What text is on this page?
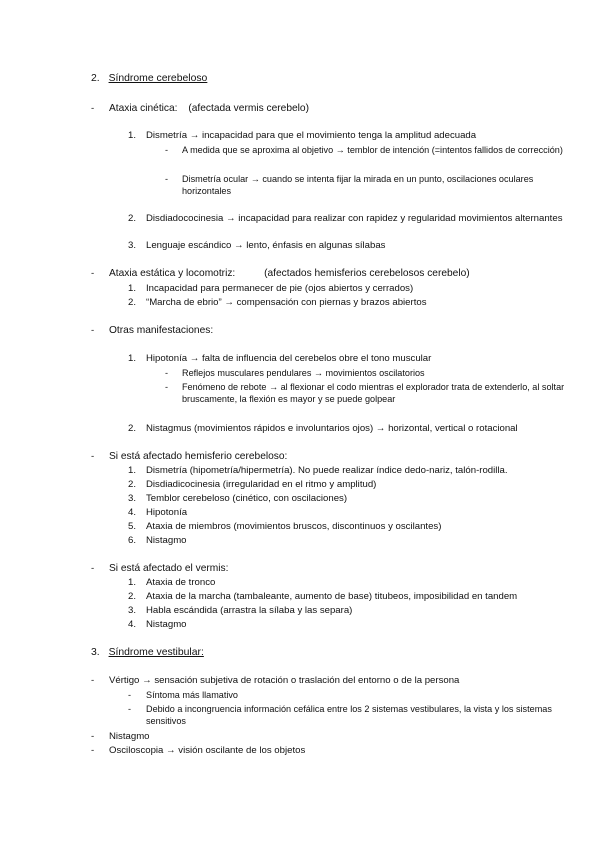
2. Síndrome cerebeloso
- Ataxia cinética: (afectada vermis cerebelo)
1. Dismetría → incapacidad para que el movimiento tenga la amplitud adecuada
- A medida que se aproxima al objetivo → temblor de intención (=intentos fallidos de corrección)
- Dismetría ocular → cuando se intenta fijar la mirada en un punto, oscilaciones oculares horizontales
2. Disdiadococinesia → incapacidad para realizar con rapidez y regularidad movimientos alternantes
3. Lenguaje escándico → lento, énfasis en algunas sílabas
- Ataxia estática y locomotriz:	(afectados hemisferios cerebelosos cerebelo)
1. Incapacidad para permanecer de pie (ojos abiertos y cerrados)
2. “Marcha de ebrio” → compensación con piernas y brazos abiertos
- Otras manifestaciones:
1. Hipotonía → falta de influencia del cerebelos obre el tono muscular
- Reflejos musculares pendulares → movimientos oscilatorios
- Fenómeno de rebote → al flexionar el codo mientras el explorador trata de extenderlo, al soltar bruscamente, la flexión es mayor y se puede golpear
2. Nistagmus (movimientos rápidos e involuntarios ojos) → horizontal, vertical o rotacional
- Si está afectado hemisferio cerebeloso:
1. Dismetría (hipometría/hipermetría). No puede realizar índice dedo-nariz, talón-rodilla.
2. Disdiadicocinesia (irregularidad en el ritmo y amplitud)
3. Temblor cerebeloso (cinético, con oscilaciones)
4. Hipotonía
5. Ataxia de miembros (movimientos bruscos, discontinuos y oscilantes)
6. Nistagmo
- Si está afectado el vermis:
1. Ataxia de tronco
2. Ataxia de la marcha (tambaleante, aumento de base) titubeos, imposibilidad en tandem
3. Habla escándida (arrastra la sílaba y las separa)
4. Nistagmo
3. Síndrome vestibular:
- Vértigo → sensación subjetiva de rotación o traslación del entorno o de la persona
- Síntoma más llamativo
- Debido a incongruencia información cefálica entre los 2 sistemas vestibulares, la vista y los sistemas sensitivos
- Nistagmo
- Osciloscopia → visión oscilante de los objetos
